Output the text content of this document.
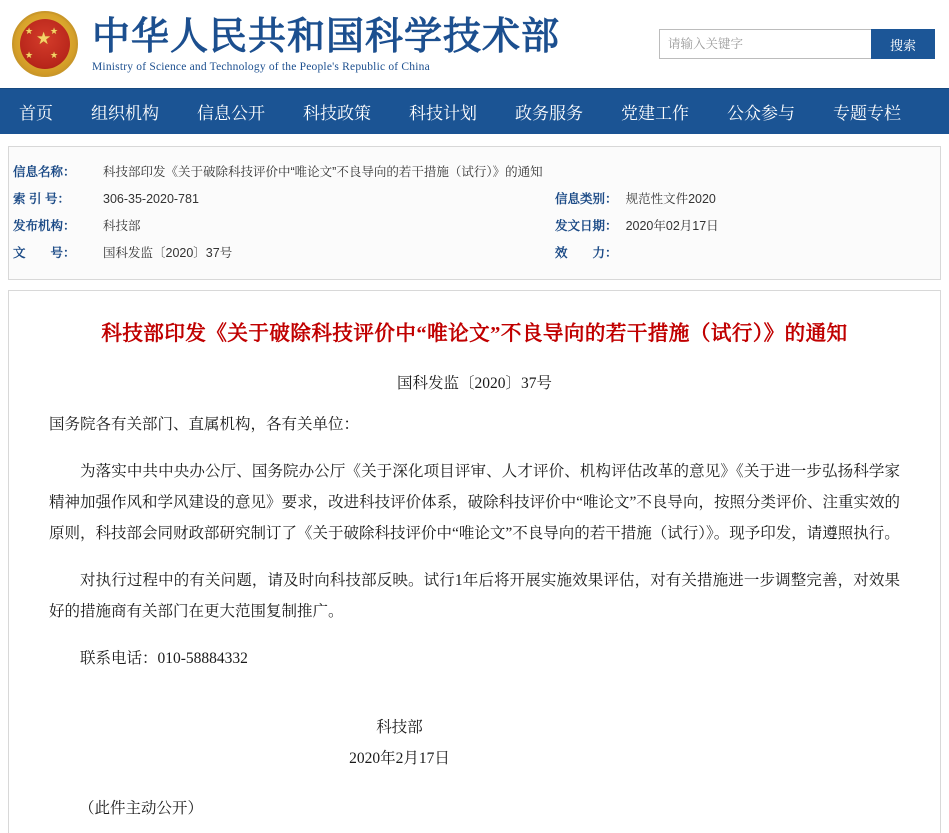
★
★ ★
★ ★ 中华人民共和国科学技术部
Ministry of Science and Technology of the People's Republic of China
请输入关键字
搜索
首页	组织机构	信息公开	科技政策	科技计划	政务服务	党建工作	公众参与	专题专栏
信息名称：	科技部印发《关于破除科技评价中“唯论文”不良导向的若干措施（试行）》的通知		
索 引 号：	306-35-2020-781	信息类别：	规范性文件2020
发布机构：	科技部	发文日期：	2020年02月17日
文　　号：	国科发监〔2020〕37号	效　　力：	
科技部印发《关于破除科技评价中“唯论文”不良导向的若干措施（试行）》的通知
国科发监〔2020〕37号
国务院各有关部门、直属机构，各有关单位：
为落实中共中央办公厅、国务院办公厅《关于深化项目评审、人才评价、机构评估改革的意见》《关于进一步弘扬科学家精神加强作风和学风建设的意见》要求，改进科技评价体系，破除科技评价中“唯论文”不良导向，按照分类评价、注重实效的原则，科技部会同财政部研究制订了《关于破除科技评价中“唯论文”不良导向的若干措施（试行）》。现予印发，请遵照执行。
对执行过程中的有关问题，请及时向科技部反映。试行1年后将开展实施效果评估，对有关措施进一步调整完善，对效果好的措施商有关部门在更大范围复制推广。
联系电话：010-58884332
科技部
2020年2月17日
（此件主动公开）
